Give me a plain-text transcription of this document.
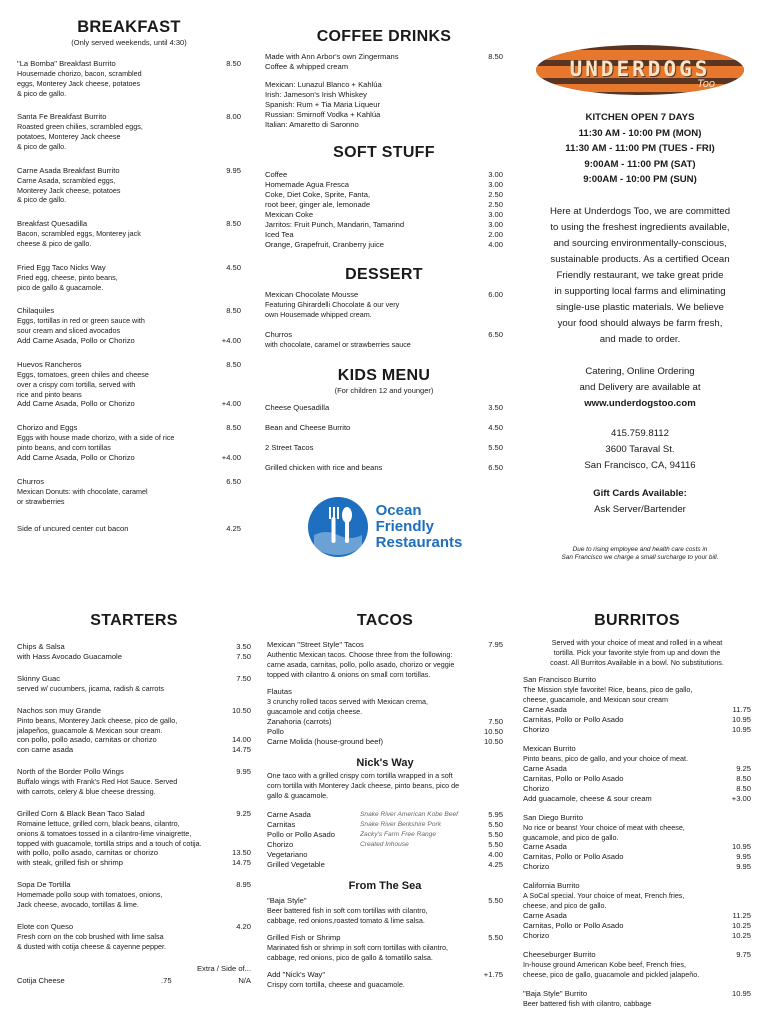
BREAKFAST
(Only served weekends, until 4:30)
"La Bomba" Breakfast Burrito	8.50
Housemade chorizo, bacon, scrambled
eggs, Monterey Jack cheese, potatoes
& pico de gallo.
Santa Fe Breakfast Burrito	8.00
Roasted green chilies, scrambled eggs,
potatoes, Monterey Jack cheese
& pico de gallo.
Carne Asada Breakfast Burrito	9.95
Carne Asada, scrambled eggs,
Monterey Jack cheese, potatoes
& pico de gallo.
Breakfast Quesadilla	8.50
Bacon, scrambled eggs, Monterey jack
cheese & pico de gallo.
Fried Egg Taco Nicks Way	4.50
Fried egg, cheese, pinto beans,
pico de gallo & guacamole.
Chilaquiles	8.50
Eggs, tortillas in red or green sauce with
sour cream and sliced avocados
Add Carne Asada, Pollo or Chorizo	+4.00
Huevos Rancheros	8.50
Eggs, tomatoes, green chiles and cheese
over a crispy corn tortilla, served with
rice and pinto beans
Add Carne Asada, Pollo or Chorizo	+4.00
Chorizo and Eggs	8.50
Eggs with house made chorizo, with a side of rice
pinto beans, and corn tortillas
Add Carne Asada, Pollo or Chorizo	+4.00
Churros	6.50
Mexican Donuts: with chocolate, caramel
or strawberries
Side of uncured center cut bacon	4.25
COFFEE DRINKS
Made with Ann Arbor's own Zingermans	8.50
Coffee & whipped cream
Mexican: Lunazul Blanco + Kahlúa
Irish: Jameson's Irish Whiskey
Spanish: Rum + Tia Maria Liqueur
Russian: Smirnoff Vodka + Kahlúa
Italian: Amaretto di Saronno
SOFT STUFF
Coffee	3.00
Homemade Agua Fresca	3.00
Coke, Diet Coke, Sprite, Fanta,	2.50
root beer, ginger ale, lemonade	2.50
Mexican Coke	3.00
Jarritos: Fruit Punch, Mandarin, Tamarind	3.00
Iced Tea	2.00
Orange, Grapefruit, Cranberry juice	4.00
DESSERT
Mexican Chocolate Mousse	6.00
Featuring Ghirardelli Chocolate & our very
own Housemade whipped cream.
Churros	6.50
with chocolate, caramel or strawberries sauce
KIDS MENU
(For children 12 and younger)
Cheese Quesadilla	3.50
Bean and Cheese Burrito	4.50
2 Street Tacos	5.50
Grilled chicken with rice and beans	6.50
Ocean
Friendly
Restaurants
UNDERDOGS
Too
KITCHEN OPEN 7 DAYS
11:30 AM - 10:00 PM (MON)
11:30 AM - 11:00 PM (TUES - FRI)
9:00AM - 11:00 PM (SAT)
9:00AM - 10:00 PM (SUN)
Here at Underdogs Too, we are committed
to using the freshest ingredients available,
and sourcing environmentally-conscious,
sustainable products. As a certified Ocean
Friendly restaurant, we take great pride
in supporting local farms and eliminating
single-use plastic materials. We believe
your food should always be farm fresh,
and made to order.
Catering, Online Ordering
and Delivery are available at
www.underdogstoo.com
415.759.8112
3600 Taraval St.
San Francisco, CA, 94116
Gift Cards Available:
Ask Server/Bartender
Due to rising employee and health care costs in
San Francisco we charge a small surcharge to your bill.
STARTERS
Chips & Salsa	3.50
with Hass Avocado Guacamole	7.50
Skinny Guac	7.50
served w/ cucumbers, jicama, radish & carrots
Nachos son muy Grande	10.50
Pinto beans, Monterey Jack cheese, pico de gallo,
jalapeños, guacamole & Mexican sour cream.
con pollo, pollo asado, carnitas or chorizo	14.00
con carne asada	14.75
North of the Border Pollo Wings	9.95
Buffalo wings with Frank's Red Hot Sauce. Served
with carrots, celery & blue cheese dressing.
Grilled Corn & Black Bean Taco Salad	9.25
Romaine lettuce, grilled corn, black beans, cilantro,
onions & tomatoes tossed in a cilantro-lime vinaigrette,
topped with guacamole, tortilla strips and a touch of cotija.
with pollo, pollo asado, carnitas or chorizo	13.50
with steak, grilled fish or shrimp	14.75
Sopa De Tortilla	8.95
Homemade pollo soup with tomatoes, onions,
Jack cheese, avocado, tortillas & lime.
Elote con Queso	4.20
Fresh corn on the cob brushed with lime salsa
& dusted with cotija cheese & cayenne pepper.
Extra / Side of...
Cotija Cheese	.75	N/A
TACOS
Mexican "Street Style" Tacos	7.95
Authentic Mexican tacos. Choose three from the following:
carne asada, carnitas, pollo, pollo asado, chorizo or veggie
topped with cilantro & onions on small corn tortillas.
Flautas
3 crunchy rolled tacos served with Mexican crema,
guacamole and cotija cheese.
Zanahoria (carrots)	7.50
Pollo	10.50
Carne Molida (house-ground beef)	10.50
Nick's Way
One taco with a grilled crispy corn tortilla wrapped in a soft
corn tortilla with Monterey Jack cheese, pinto beans, pico de
gallo & guacamole.
Carne Asada	Snake River American Kobe Beef	5.95
Carnitas	Snake River Berkshire Pork	5.50
Pollo or Pollo Asado	Zacky's Farm Free Range	5.50
Chorizo	Created Inhouse	5.50
Vegetariano	4.00
Grilled Vegetable	4.25
From The Sea
"Baja Style"	5.50
Beer battered fish in soft corn tortillas with cilantro,
cabbage, red onions,roasted tomato & lime salsa.
Grilled Fish or Shrimp	5.50
Marinated fish or shrimp in soft corn tortillas with cilantro,
cabbage, red onions, pico de gallo & tomatillo salsa.
Add "Nick's Way"	+1.75
Crispy corn tortilla, cheese and guacamole.
BURRITOS
Served with your choice of meat and rolled in a wheat
tortilla. Pick your favorite style from up and down the
coast. All Burritos Available in a bowl. No substitutions.
San Francisco Burrito
The Mission style favorite! Rice, beans, pico de gallo,
cheese, guacamole, and Mexican sour cream
Carne Asada	11.75
Carnitas, Pollo or Pollo Asado	10.95
Chorizo	10.95
Mexican Burrito
Pinto beans, pico de gallo, and your choice of meat.
Carne Asada	9.25
Carnitas, Pollo or Pollo Asado	8.50
Chorizo	8.50
Add guacamole, cheese & sour cream	+3.00
San Diego Burrito
No rice or beans! Your choice of meat with cheese,
guacamole, and pico de gallo.
Carne Asada	10.95
Carnitas, Pollo or Pollo Asado	9.95
Chorizo	9.95
California Burrito
A SoCal special. Your choice of meat, French fries,
cheese, and pico de gallo.
Carne Asada	11.25
Carnitas, Pollo or Pollo Asado	10.25
Chorizo	10.25
Cheeseburger Burrito	9.75
In-house ground American Kobe beef, French fries,
cheese, pico de gallo, guacamole and pickled jalapeño.
"Baja Style" Burrito	10.95
Beer battered fish with cilantro, cabbage
